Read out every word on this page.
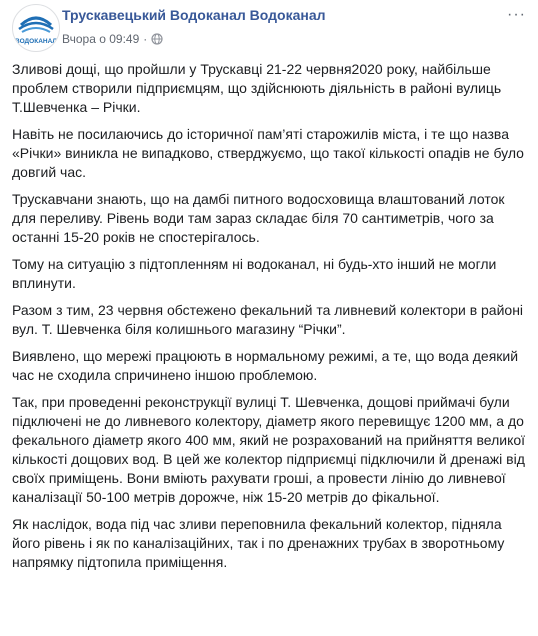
ВОДОКАНАЛ
Трускавецький Водоканал Водоканал
Вчора о 09:49 ·
···

Зливові дощі, що пройшли у Трускавці 21-22 червня2020 року, найбільше проблем створили підприємцям, що здійснюють діяльність в районі вулиць Т.Шевченка – Річки.

Навіть не посилаючись до історичної пам’яті старожилів міста, і те що назва «Річки» виникла не випадково, стверджуємо, що такої кількості опадів не було довгий час.

Трускавчани знають, що на дамбі питного водосховища влаштований лоток для переливу. Рівень води там зараз складає біля 70 сантиметрів, чого за останні 15-20 років не спостерігалось.

Тому на ситуацію з підтопленням ні водоканал, ні будь-хто інший не могли вплинути.

Разом з тим, 23 червня обстежено фекальний та ливневий колектори в районі вул. Т. Шевченка біля колишнього магазину “Річки”.

Виявлено, що мережі працюють в нормальному режимі, а те, що вода деякий час не сходила спричинено іншою проблемою.

Так, при проведенні реконструкції вулиці Т. Шевченка, дощові приймачі були підключені не до ливневого колектору, діаметр якого перевищує 1200 мм, а до фекального діаметр якого 400 мм, який не розрахований на прийняття великої кількості дощових вод. В цей же колектор підприємці підключили й дренажі від своїх приміщень. Вони вміють рахувати гроші, а провести лінію до ливневої каналізації 50-100 метрів дорожче, ніж 15-20 метрів до фікальної.

Як наслідок, вода під час зливи переповнила фекальний колектор, підняла його рівень і як по каналізаційних, так і по дренажних трубах в зворотньому напрямку підтопила приміщення.
